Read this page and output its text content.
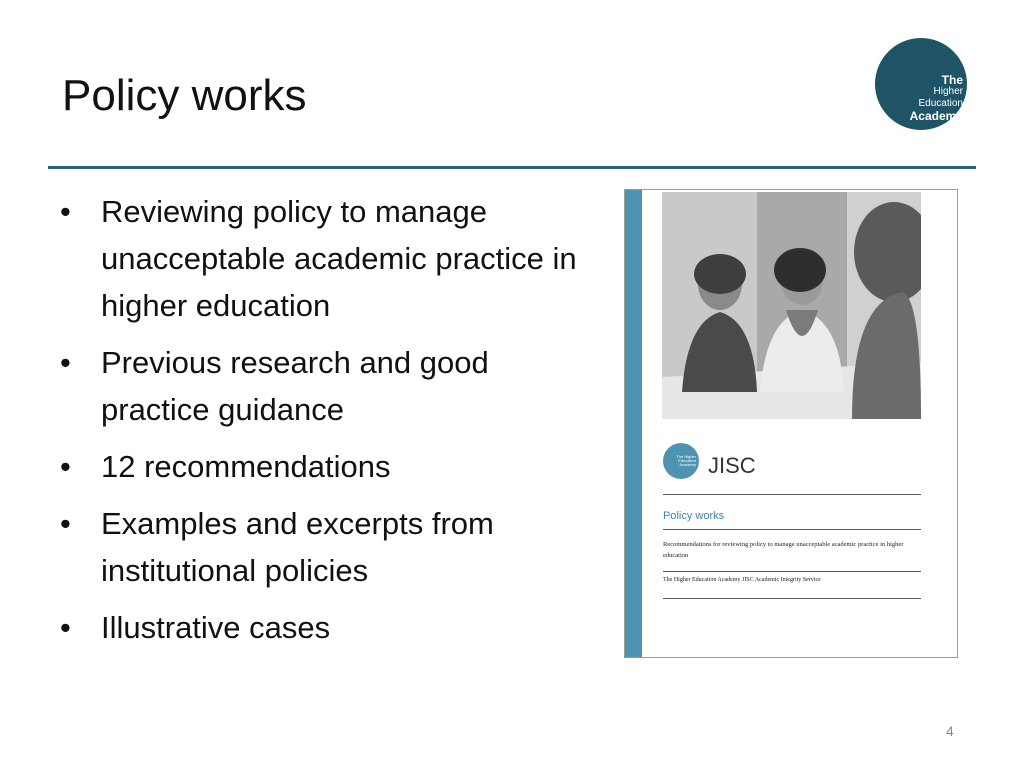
Policy works	The
Higher
Education
Academy
• Reviewing policy to manage unacceptable academic practice in higher education
• Previous research and good practice guidance
• 12 recommendations
• Examples and excerpts from institutional policies
• Illustrative cases
The Higher Education Academy JISC
Policy works
Recommendations for reviewing policy to manage unacceptable academic practice in higher education
The Higher Education Academy JISC Academic Integrity Service
4
